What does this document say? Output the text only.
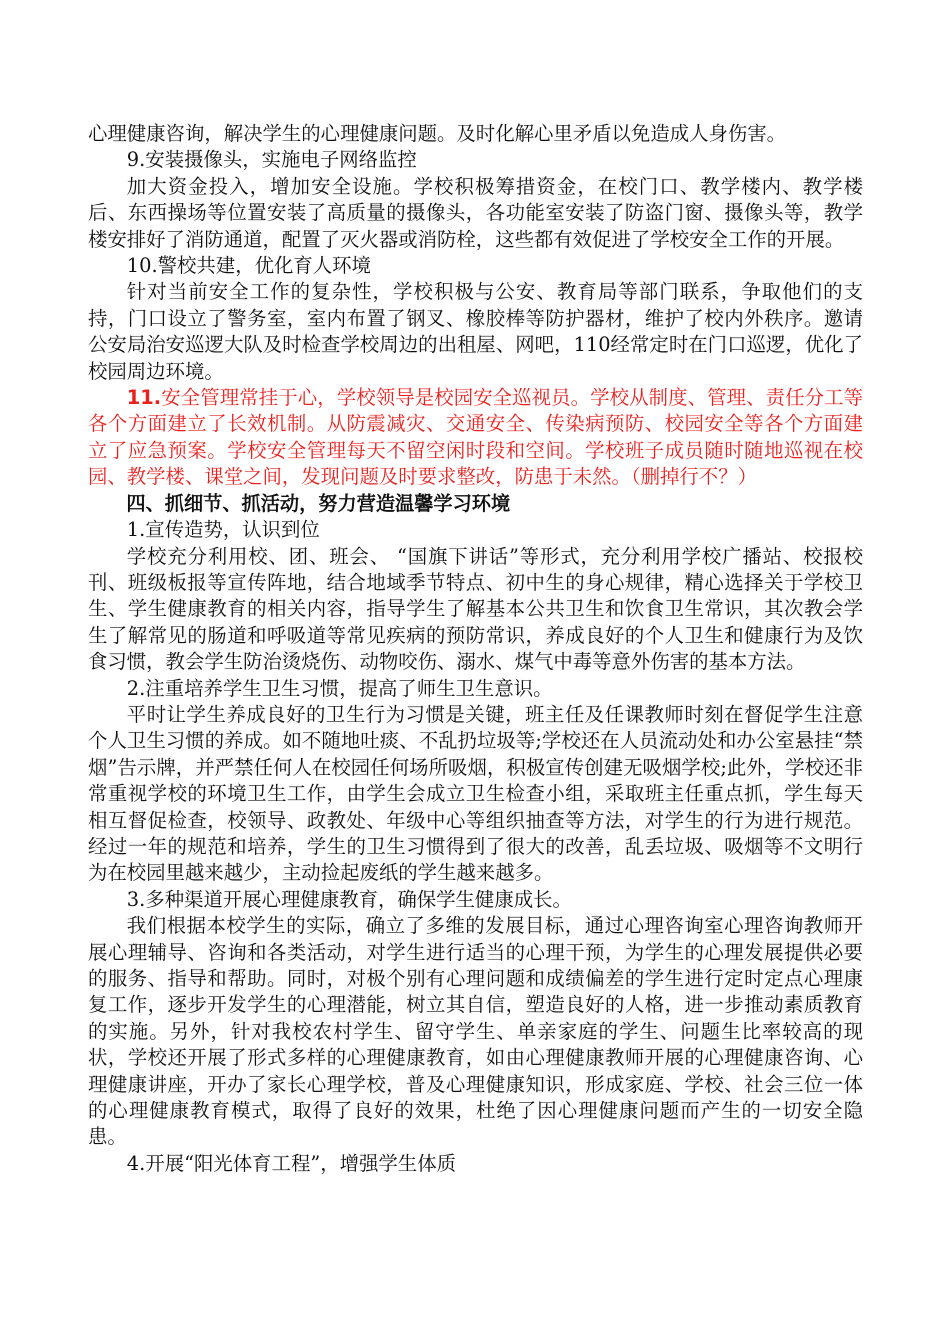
心理健康咨询，解决学生的心理健康问题。及时化解心里矛盾以免造成人身伤害。

9.安装摄像头，实施电子网络监控

加大资金投入，增加安全设施。学校积极筹措资金，在校门口、教学楼内、教学楼后、东西操场等位置安装了高质量的摄像头，各功能室安装了防盗门窗、摄像头等，教学楼安排好了消防通道，配置了灭火器或消防栓，这些都有效促进了学校安全工作的开展。

10.警校共建，优化育人环境

针对当前安全工作的复杂性，学校积极与公安、教育局等部门联系，争取他们的支持，门口设立了警务室，室内布置了钢叉、橡胶棒等防护器材，维护了校内外秩序。邀请公安局治安巡逻大队及时检查学校周边的出租屋、网吧，110经常定时在门口巡逻，优化了校园周边环境。

11.安全管理常挂于心，学校领导是校园安全巡视员。学校从制度、管理、责任分工等各个方面建立了长效机制。从防震减灾、交通安全、传染病预防、校园安全等各个方面建立了应急预案。学校安全管理每天不留空闲时段和空间。学校班子成员随时随地巡视在校园、教学楼、课堂之间，发现问题及时要求整改，防患于未然。（删掉行不？）

四、抓细节、抓活动，努力营造温馨学习环境

1.宣传造势，认识到位

学校充分利用校、团、班会、 “国旗下讲话”等形式，充分利用学校广播站、校报校刊、班级板报等宣传阵地，结合地域季节特点、初中生的身心规律，精心选择关于学校卫生、学生健康教育的相关内容，指导学生了解基本公共卫生和饮食卫生常识，其次教会学生了解常见的肠道和呼吸道等常见疾病的预防常识，养成良好的个人卫生和健康行为及饮食习惯，教会学生防治烫烧伤、动物咬伤、溺水、煤气中毒等意外伤害的基本方法。

2.注重培养学生卫生习惯，提高了师生卫生意识。

平时让学生养成良好的卫生行为习惯是关键，班主任及任课教师时刻在督促学生注意个人卫生习惯的养成。如不随地吐痰、不乱扔垃圾等;学校还在人员流动处和办公室悬挂“禁烟”告示牌，并严禁任何人在校园任何场所吸烟，积极宣传创建无吸烟学校;此外，学校还非常重视学校的环境卫生工作，由学生会成立卫生检查小组，采取班主任重点抓，学生每天相互督促检查，校领导、政教处、年级中心等组织抽查等方法，对学生的行为进行规范。经过一年的规范和培养，学生的卫生习惯得到了很大的改善，乱丢垃圾、吸烟等不文明行为在校园里越来越少，主动捡起废纸的学生越来越多。

3.多种渠道开展心理健康教育，确保学生健康成长。

我们根据本校学生的实际，确立了多维的发展目标，通过心理咨询室心理咨询教师开展心理辅导、咨询和各类活动，对学生进行适当的心理干预，为学生的心理发展提供必要的服务、指导和帮助。同时，对极个别有心理问题和成绩偏差的学生进行定时定点心理康复工作，逐步开发学生的心理潜能，树立其自信，塑造良好的人格，进一步推动素质教育的实施。另外，针对我校农村学生、留守学生、单亲家庭的学生、问题生比率较高的现状，学校还开展了形式多样的心理健康教育，如由心理健康教师开展的心理健康咨询、心理健康讲座，开办了家长心理学校，普及心理健康知识，形成家庭、学校、社会三位一体的心理健康教育模式，取得了良好的效果，杜绝了因心理健康问题而产生的一切安全隐患。

4.开展“阳光体育工程”，增强学生体质
